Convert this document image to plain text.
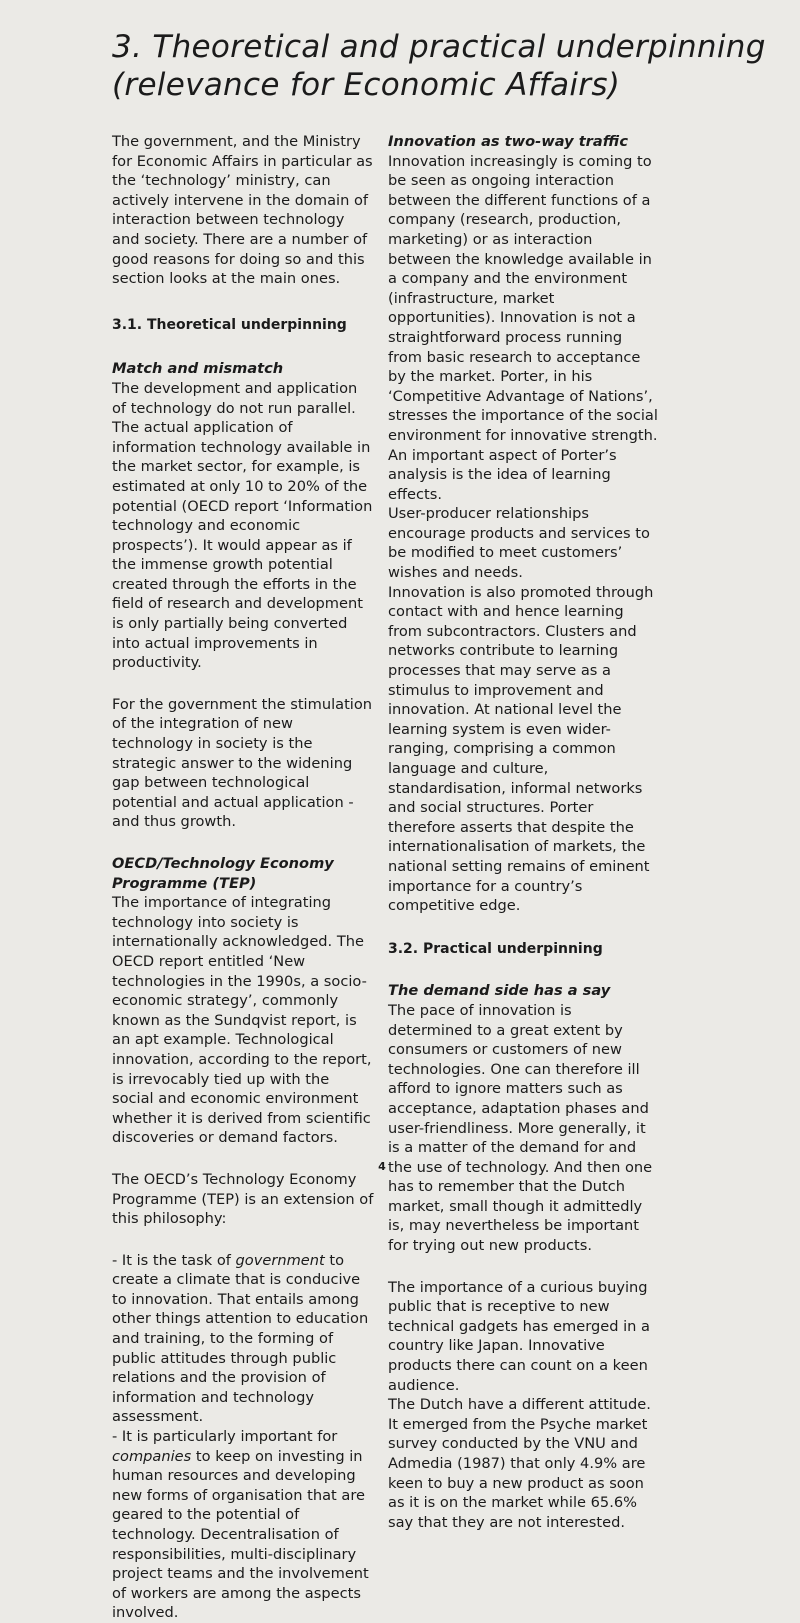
3. Theoretical and practical underpinning (relevance for Economic Affairs)

The government, and the Ministry for Economic Affairs in particular as the ‘technology’ ministry, can actively intervene in the domain of interaction between technology and society. There are a number of good reasons for doing so and this section looks at the main ones.

3.1. Theoretical underpinning

Match and mismatch

The development and application of technology do not run parallel. The actual application of information technology available in the market sector, for example, is estimated at only 10 to 20% of the potential (OECD report ‘Information technology and economic prospects’). It would appear as if the immense growth potential created through the efforts in the field of research and development is only partially being converted into actual improvements in productivity.

For the government the stimulation of the integration of new technology in society is the strategic answer to the widening gap between technological potential and actual application - and thus growth.

OECD/Technology Economy Programme (TEP)

The importance of integrating technology into society is internationally acknowledged. The OECD report entitled ‘New technologies in the 1990s, a socio-economic strategy’, commonly known as the Sundqvist report, is an apt example. Technological innovation, according to the report, is irrevocably tied up with the social and economic environment whether it is derived from scientific discoveries or demand factors.

The OECD’s Technology Economy Programme (TEP) is an extension of this philosophy:

- It is the task of government to create a climate that is conducive to innovation. That entails among other things attention to education and training, to the forming of public attitudes through public relations and the provision of information and technology assessment.

- It is particularly important for companies to keep on investing in human resources and developing new forms of organisation that are geared to the potential of technology. Decentralisation of responsibilities, multi-disciplinary project teams and the involvement of workers are among the aspects involved.

Innovation as two-way traffic

Innovation increasingly is coming to be seen as ongoing interaction between the different functions of a company (research, production, marketing) or as interaction between the knowledge available in a company and the environment (infrastructure, market opportunities). Innovation is not a straightforward process running from basic research to acceptance by the market. Porter, in his ‘Competitive Advantage of Nations’, stresses the importance of the social environment for innovative strength.

An important aspect of Porter’s analysis is the idea of learning effects.

User-producer relationships encourage products and services to be modified to meet customers’ wishes and needs.

Innovation is also promoted through contact with and hence learning from subcontractors. Clusters and networks contribute to learning processes that may serve as a stimulus to improvement and innovation. At national level the learning system is even wider-ranging, comprising a common language and culture, standardisation, informal networks and social structures. Porter therefore asserts that despite the internationalisation of markets, the national setting remains of eminent importance for a country’s competitive edge.

3.2. Practical underpinning

The demand side has a say

The pace of innovation is determined to a great extent by consumers or customers of new technologies. One can therefore ill afford to ignore matters such as acceptance, adaptation phases and user-friendliness. More generally, it is a matter of the demand for and the use of technology. And then one has to remember that the Dutch market, small though it admittedly is, may nevertheless be important for trying out new products.

The importance of a curious buying public that is receptive to new technical gadgets has emerged in a country like Japan. Innovative products there can count on a keen audience.

The Dutch have a different attitude. It emerged from the Psyche market survey conducted by the VNU and Admedia (1987) that only 4.9% are keen to buy a new product as soon as it is on the market while 65.6% say that they are not interested.

4
